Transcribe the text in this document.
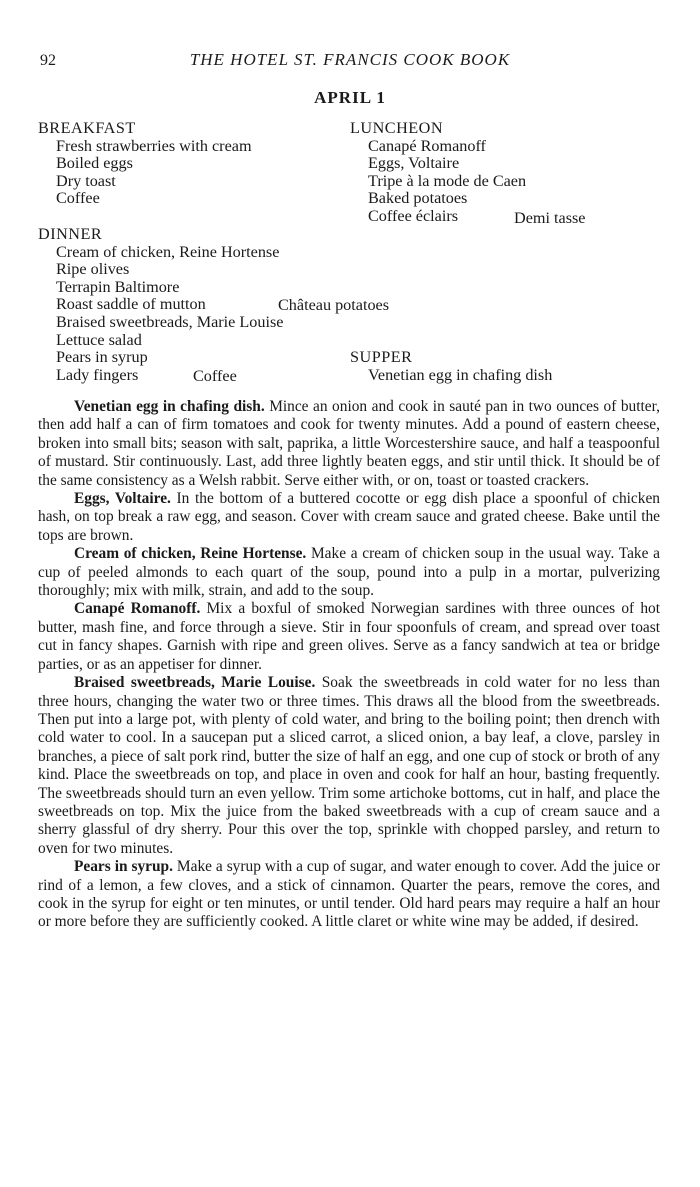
92	THE HOTEL ST. FRANCIS COOK BOOK
APRIL 1
BREAKFAST
Fresh strawberries with cream
Boiled eggs
Dry toast
Coffee
LUNCHEON
Canapé Romanoff
Eggs, Voltaire
Tripe à la mode de Caen
Baked potatoes
Coffee éclairs	Demi tasse
DINNER
Cream of chicken, Reine Hortense
Ripe olives
Terrapin Baltimore
Roast saddle of mutton
Braised sweetbreads, Marie Louise
Lettuce salad
Pears in syrup
Lady fingers
Château potatoes
Coffee
SUPPER
Venetian egg in chafing dish

Venetian egg in chafing dish. Mince an onion and cook in sauté pan in two ounces of butter, then add half a can of firm tomatoes and cook for twenty minutes. Add a pound of eastern cheese, broken into small bits; season with salt, paprika, a little Worcestershire sauce, and half a teaspoonful of mustard. Stir continuously. Last, add three lightly beaten eggs, and stir until thick. It should be of the same consistency as a Welsh rabbit. Serve either with, or on, toast or toasted crackers.

Eggs, Voltaire. In the bottom of a buttered cocotte or egg dish place a spoonful of chicken hash, on top break a raw egg, and season. Cover with cream sauce and grated cheese. Bake until the tops are brown.

Cream of chicken, Reine Hortense. Make a cream of chicken soup in the usual way. Take a cup of peeled almonds to each quart of the soup, pound into a pulp in a mortar, pulverizing thoroughly; mix with milk, strain, and add to the soup.

Canapé Romanoff. Mix a boxful of smoked Norwegian sardines with three ounces of hot butter, mash fine, and force through a sieve. Stir in four spoonfuls of cream, and spread over toast cut in fancy shapes. Garnish with ripe and green olives. Serve as a fancy sandwich at tea or bridge parties, or as an appetiser for dinner.

Braised sweetbreads, Marie Louise. Soak the sweetbreads in cold water for no less than three hours, changing the water two or three times. This draws all the blood from the sweetbreads. Then put into a large pot, with plenty of cold water, and bring to the boiling point; then drench with cold water to cool. In a saucepan put a sliced carrot, a sliced onion, a bay leaf, a clove, parsley in branches, a piece of salt pork rind, butter the size of half an egg, and one cup of stock or broth of any kind. Place the sweetbreads on top, and place in oven and cook for half an hour, basting frequently. The sweetbreads should turn an even yellow. Trim some artichoke bottoms, cut in half, and place the sweetbreads on top. Mix the juice from the baked sweetbreads with a cup of cream sauce and a sherry glassful of dry sherry. Pour this over the top, sprinkle with chopped parsley, and return to oven for two minutes.

Pears in syrup. Make a syrup with a cup of sugar, and water enough to cover. Add the juice or rind of a lemon, a few cloves, and a stick of cinnamon. Quarter the pears, remove the cores, and cook in the syrup for eight or ten minutes, or until tender. Old hard pears may require a half an hour or more before they are sufficiently cooked. A little claret or white wine may be added, if desired.
